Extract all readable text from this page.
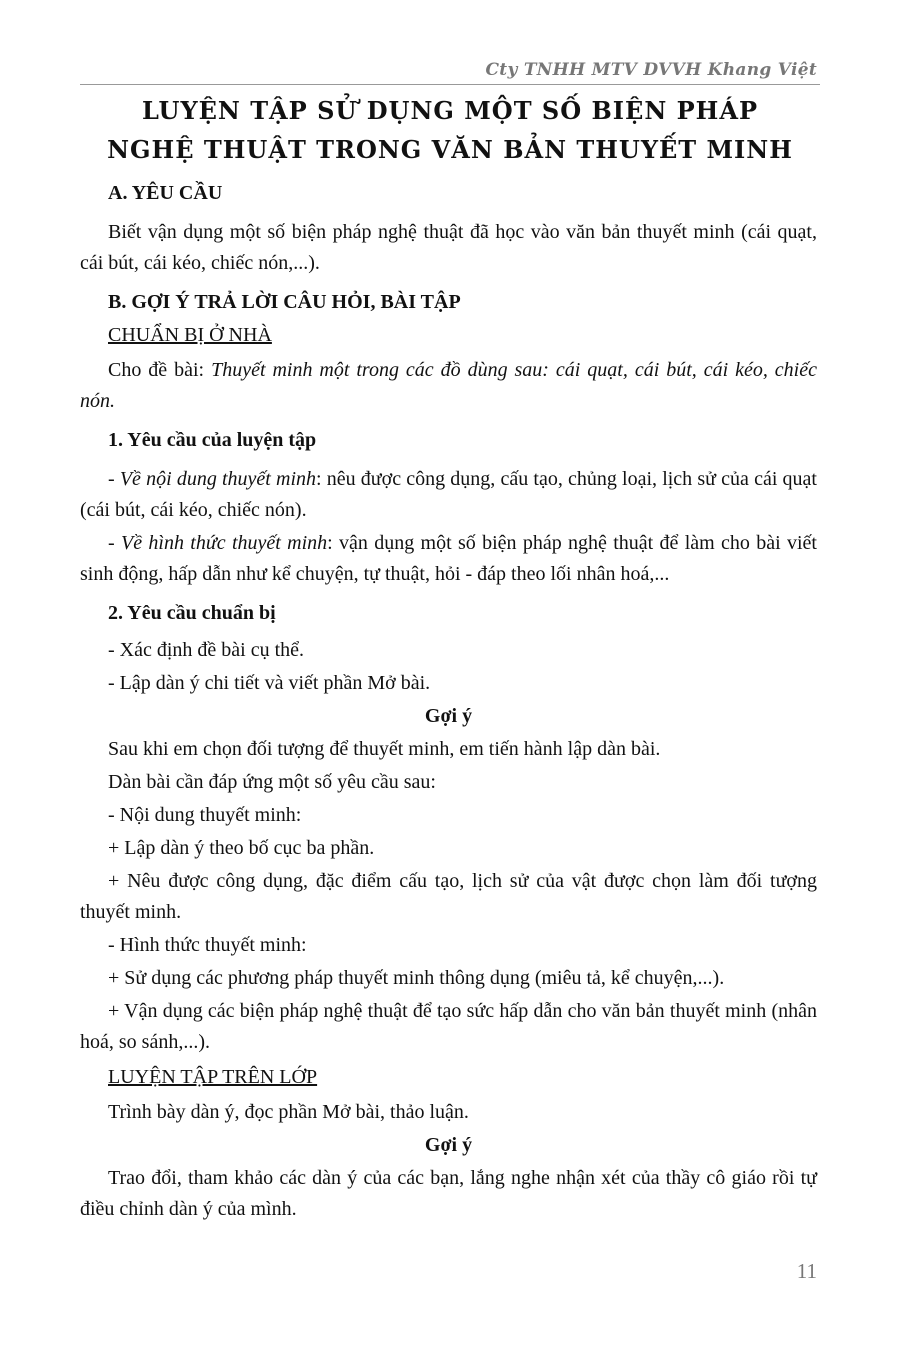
Cty TNHH MTV DVVH Khang Việt
LUYỆN TẬP SỬ DỤNG MỘT SỐ BIỆN PHÁP
NGHỆ THUẬT TRONG VĂN BẢN THUYẾT MINH

A. YÊU CẦU

Biết vận dụng một số biện pháp nghệ thuật đã học vào văn bản thuyết minh (cái quạt, cái bút, cái kéo, chiếc nón,...).

B. GỢI Ý TRẢ LỜI CÂU HỎI, BÀI TẬP

CHUẨN BỊ Ở NHÀ

Cho đề bài: Thuyết minh một trong các đồ dùng sau: cái quạt, cái bút, cái kéo, chiếc nón.

1. Yêu cầu của luyện tập

- Về nội dung thuyết minh: nêu được công dụng, cấu tạo, chủng loại, lịch sử của cái quạt (cái bút, cái kéo, chiếc nón).

- Về hình thức thuyết minh: vận dụng một số biện pháp nghệ thuật để làm cho bài viết sinh động, hấp dẫn như kể chuyện, tự thuật, hỏi - đáp theo lối nhân hoá,...

2. Yêu cầu chuẩn bị

- Xác định đề bài cụ thể.

- Lập dàn ý chi tiết và viết phần Mở bài.

Gợi ý

Sau khi em chọn đối tượng để thuyết minh, em tiến hành lập dàn bài.

Dàn bài cần đáp ứng một số yêu cầu sau:

- Nội dung thuyết minh:

+ Lập dàn ý theo bố cục ba phần.

+ Nêu được công dụng, đặc điểm cấu tạo, lịch sử của vật được chọn làm đối tượng thuyết minh.

- Hình thức thuyết minh:

+ Sử dụng các phương pháp thuyết minh thông dụng (miêu tả, kể chuyện,...).

+ Vận dụng các biện pháp nghệ thuật để tạo sức hấp dẫn cho văn bản thuyết minh (nhân hoá, so sánh,...).

LUYỆN TẬP TRÊN LỚP

Trình bày dàn ý, đọc phần Mở bài, thảo luận.

Gợi ý

Trao đổi, tham khảo các dàn ý của các bạn, lắng nghe nhận xét của thầy cô giáo rồi tự điều chỉnh dàn ý của mình.

11
